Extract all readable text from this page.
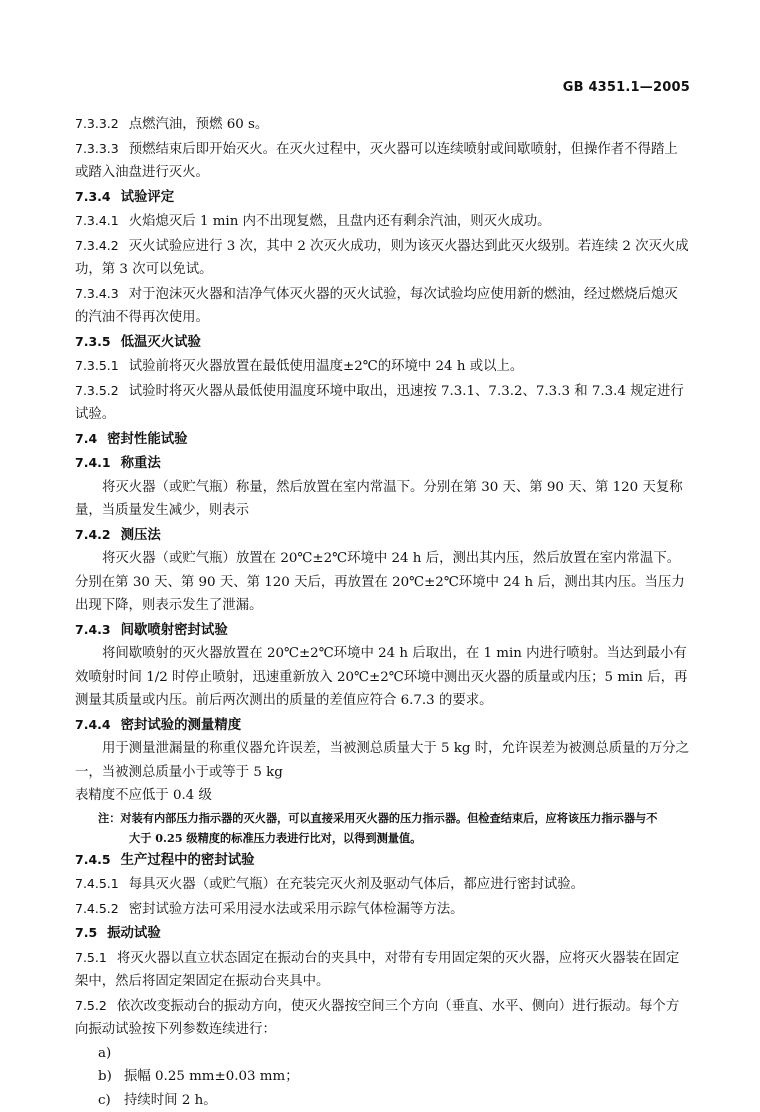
GB 4351.1—2005

7.3.3.2 点燃汽油，预燃 60 s。

7.3.3.3 预燃结束后即开始灭火。在灭火过程中，灭火器可以连续喷射或间歇喷射，但操作者不得踏上或踏入油盘进行灭火。

7.3.4 试验评定

7.3.4.1 火焰熄灭后 1 min 内不出现复燃，且盘内还有剩余汽油，则灭火成功。

7.3.4.2 灭火试验应进行 3 次，其中 2 次灭火成功，则为该灭火器达到此灭火级别。若连续 2 次灭火成功，第 3 次可以免试。

7.3.4.3 对于泡沫灭火器和洁净气体灭火器的灭火试验，每次试验均应使用新的燃油，经过燃烧后熄灭的汽油不得再次使用。

7.3.5 低温灭火试验

7.3.5.1 试验前将灭火器放置在最低使用温度±2℃的环境中 24 h 或以上。

7.3.5.2 试验时将灭火器从最低使用温度环境中取出，迅速按 7.3.1、7.3.2、7.3.3 和 7.3.4 规定进行试验。

7.4 密封性能试验

7.4.1 称重法

将灭火器（或贮气瓶）称量，然后放置在室内常温下。分别在第 30 天、第 90 天、第 120 天复称量，当质量发生减少，则表示

7.4.2 测压法

将灭火器（或贮气瓶）放置在 20℃±2℃环境中 24 h 后，测出其内压，然后放置在室内常温下。分别在第 30 天、第 90 天、第 120 天后，再放置在 20℃±2℃环境中 24 h 后，测出其内压。当压力出现下降，则表示发生了泄漏。

7.4.3 间歇喷射密封试验

将间歇喷射的灭火器放置在 20℃±2℃环境中 24 h 后取出，在 1 min 内进行喷射。当达到最小有效喷射时间 1/2 时停止喷射，迅速重新放入 20℃±2℃环境中测出灭火器的质量或内压；5 min 后，再测量其质量或内压。前后两次测出的质量的差值应符合 6.7.3 的要求。

7.4.4 密封试验的测量精度

用于测量泄漏量的称重仪器允许误差，当被测总质量大于 5 kg 时，允许误差为被测总质量的万分之一，当被测总质量小于或等于 5 kg

表精度不应低于 0.4 级

注：对装有内部压力指示器的灭火器，可以直接采用灭火器的压力指示器。但检查结束后，应将该压力指示器与不

大于 0.25 级精度的标准压力表进行比对，以得到测量值。

7.4.5 生产过程中的密封试验

7.4.5.1 每具灭火器（或贮气瓶）在充装完灭火剂及驱动气体后，都应进行密封试验。

7.4.5.2 密封试验方法可采用浸水法或采用示踪气体检漏等方法。

7.5 振动试验

7.5.1 将灭火器以直立状态固定在振动台的夹具中，对带有专用固定架的灭火器，应将灭火器装在固定架中，然后将固定架固定在振动台夹具中。

7.5.2 依次改变振动台的振动方向，使灭火器按空间三个方向（垂直、水平、侧向）进行振动。每个方向振动试验按下列参数连续进行：

a)

b) 振幅 0.25 mm±0.03 mm；

c) 持续时间 2 h。
